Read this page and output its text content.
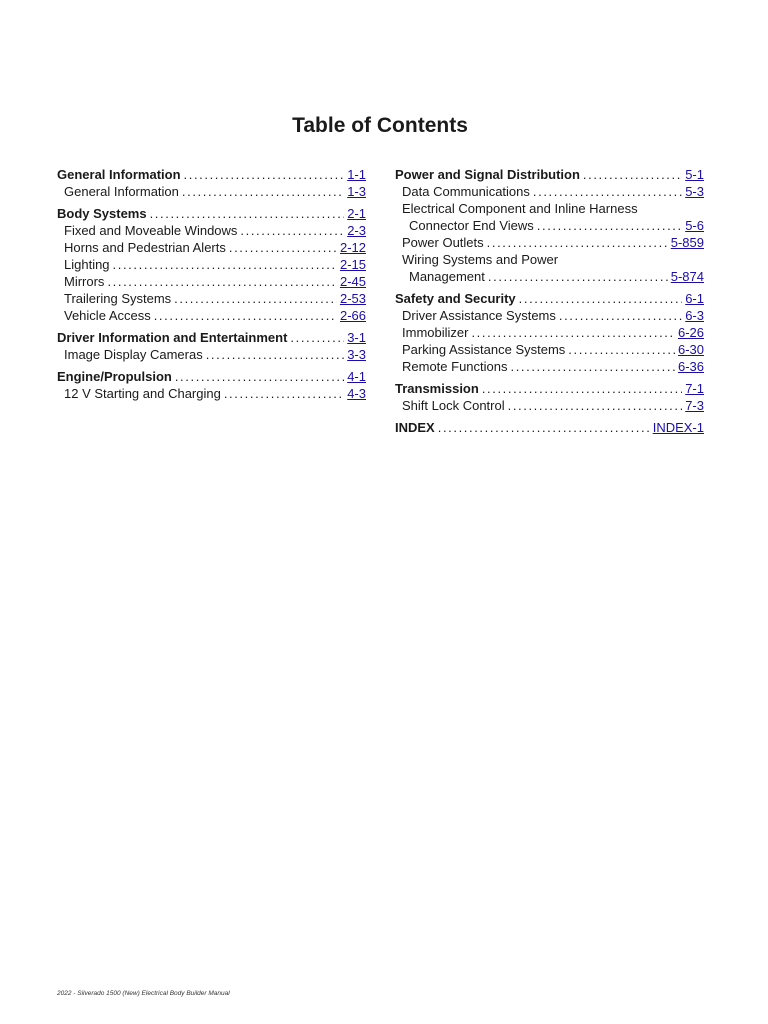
Table of Contents
General Information .....	1-1
General Information .....	1-3
Body Systems .....	2-1
Fixed and Moveable Windows .....	2-3
Horns and Pedestrian Alerts .....	2-12
Lighting .....	2-15
Mirrors .....	2-45
Trailering Systems .....	2-53
Vehicle Access .....	2-66
Driver Information and Entertainment .....	3-1
Image Display Cameras .....	3-3
Engine/Propulsion .....	4-1
12 V Starting and Charging .....	4-3
Power and Signal Distribution .....	5-1
Data Communications .....	5-3
Electrical Component and Inline Harness
Connector End Views .....	5-6
Power Outlets .....	5-859
Wiring Systems and Power
Management .....	5-874
Safety and Security .....	6-1
Driver Assistance Systems .....	6-3
Immobilizer .....	6-26
Parking Assistance Systems .....	6-30
Remote Functions .....	6-36
Transmission .....	7-1
Shift Lock Control .....	7-3
INDEX .....	INDEX-1
2022 - Silverado 1500 (New) Electrical Body Builder Manual
